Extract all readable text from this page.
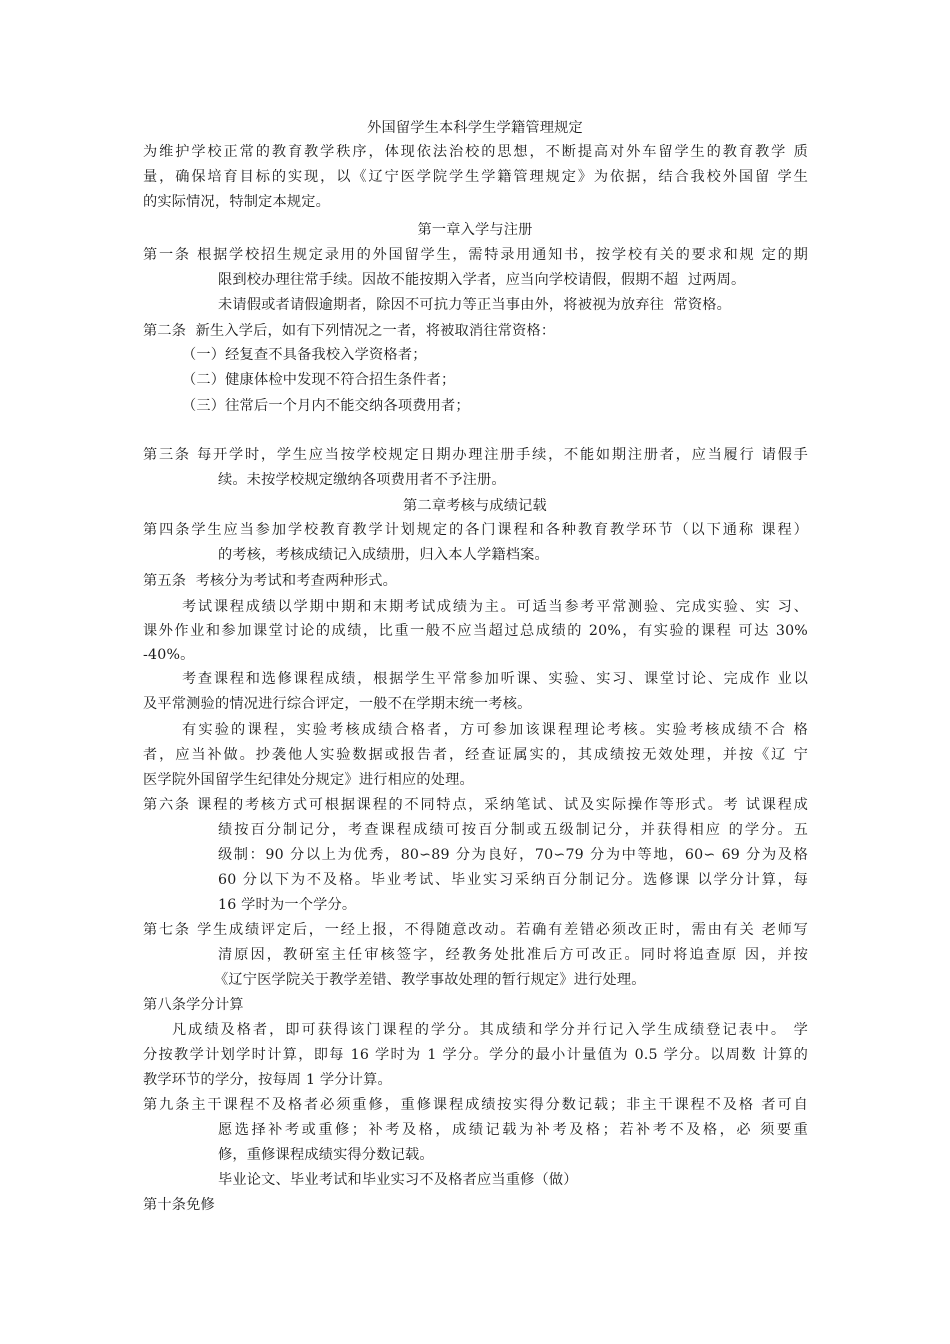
外国留学生本科学生学籍管理规定
为维护学校正常的教育教学秩序，体现依法治校的思想，不断提高对外车留学生的教育教学 质
量，确保培育目标的实现，以《辽宁医学院学生学籍管理规定》为依据，结合我校外国留 学生
的实际情况，特制定本规定。
第一章入学与注册
第一条 根据学校招生规定录用的外国留学生，需特录用通知书，按学校有关的要求和规 定的期
限到校办理往常手续。因故不能按期入学者，应当向学校请假，假期不超  过两周。
未请假或者请假逾期者，除因不可抗力等正当事由外，将被视为放弃往  常资格。
第二条  新生入学后，如有下列情况之一者，将被取消往常资格：
（一）经复查不具备我校入学资格者；
（二）健康体检中发现不符合招生条件者；
（三）往常后一个月内不能交纳各项费用者；
第三条 每开学时，学生应当按学校规定日期办理注册手续，不能如期注册者，应当履行 请假手
续。未按学校规定缴纳各项费用者不予注册。
第二章考核与成绩记载
第四条学生应当参加学校教育教学计划规定的各门课程和各种教育教学环节（以下通称 课程）
的考核，考核成绩记入成绩册，归入本人学籍档案。
第五条  考核分为考试和考查两种形式。
考试课程成绩以学期中期和末期考试成绩为主。可适当参考平常测验、完成实验、实 习、
课外作业和参加课堂讨论的成绩，比重一般不应当超过总成绩的 20%，有实验的课程 可达 30%
-40%。
考查课程和选修课程成绩，根据学生平常参加听课、实验、实习、课堂讨论、完成作 业以
及平常测验的情况进行综合评定，一般不在学期末统一考核。
有实验的课程，实验考核成绩合格者，方可参加该课程理论考核。实验考核成绩不合 格
者，应当补做。抄袭他人实验数据或报告者，经查证属实的，其成绩按无效处理，并按《辽 宁
医学院外国留学生纪律处分规定》进行相应的处理。
第六条 课程的考核方式可根据课程的不同特点，采纳笔试、试及实际操作等形式。考 试课程成
绩按百分制记分，考查课程成绩可按百分制或五级制记分，并获得相应 的学分。五
级制：90 分以上为优秀，80∽89 分为良好，70∽79 分为中等地，60∽ 69 分为及格
60 分以下为不及格。毕业考试、毕业实习采纳百分制记分。选修课 以学分计算，每
16 学时为一个学分。
第七条 学生成绩评定后，一经上报，不得随意改动。若确有差错必须改正时，需由有关 老师写
清原因，教研室主任审核签字，经教务处批准后方可改正。同时将追查原 因，并按
《辽宁医学院关于教学差错、教学事故处理的暂行规定》进行处理。
第八条学分计算
凡成绩及格者，即可获得该门课程的学分。其成绩和学分并行记入学生成绩登记表中。 学
分按教学计划学时计算，即每 16 学时为 1 学分。学分的最小计量值为 0.5 学分。以周数 计算的
教学环节的学分，按每周 1 学分计算。
第九条主干课程不及格者必须重修，重修课程成绩按实得分数记载；非主干课程不及格 者可自
愿选择补考或重修；补考及格，成绩记载为补考及格；若补考不及格，必 须要重
修，重修课程成绩实得分数记载。
毕业论文、毕业考试和毕业实习不及格者应当重修（做）
第十条免修
